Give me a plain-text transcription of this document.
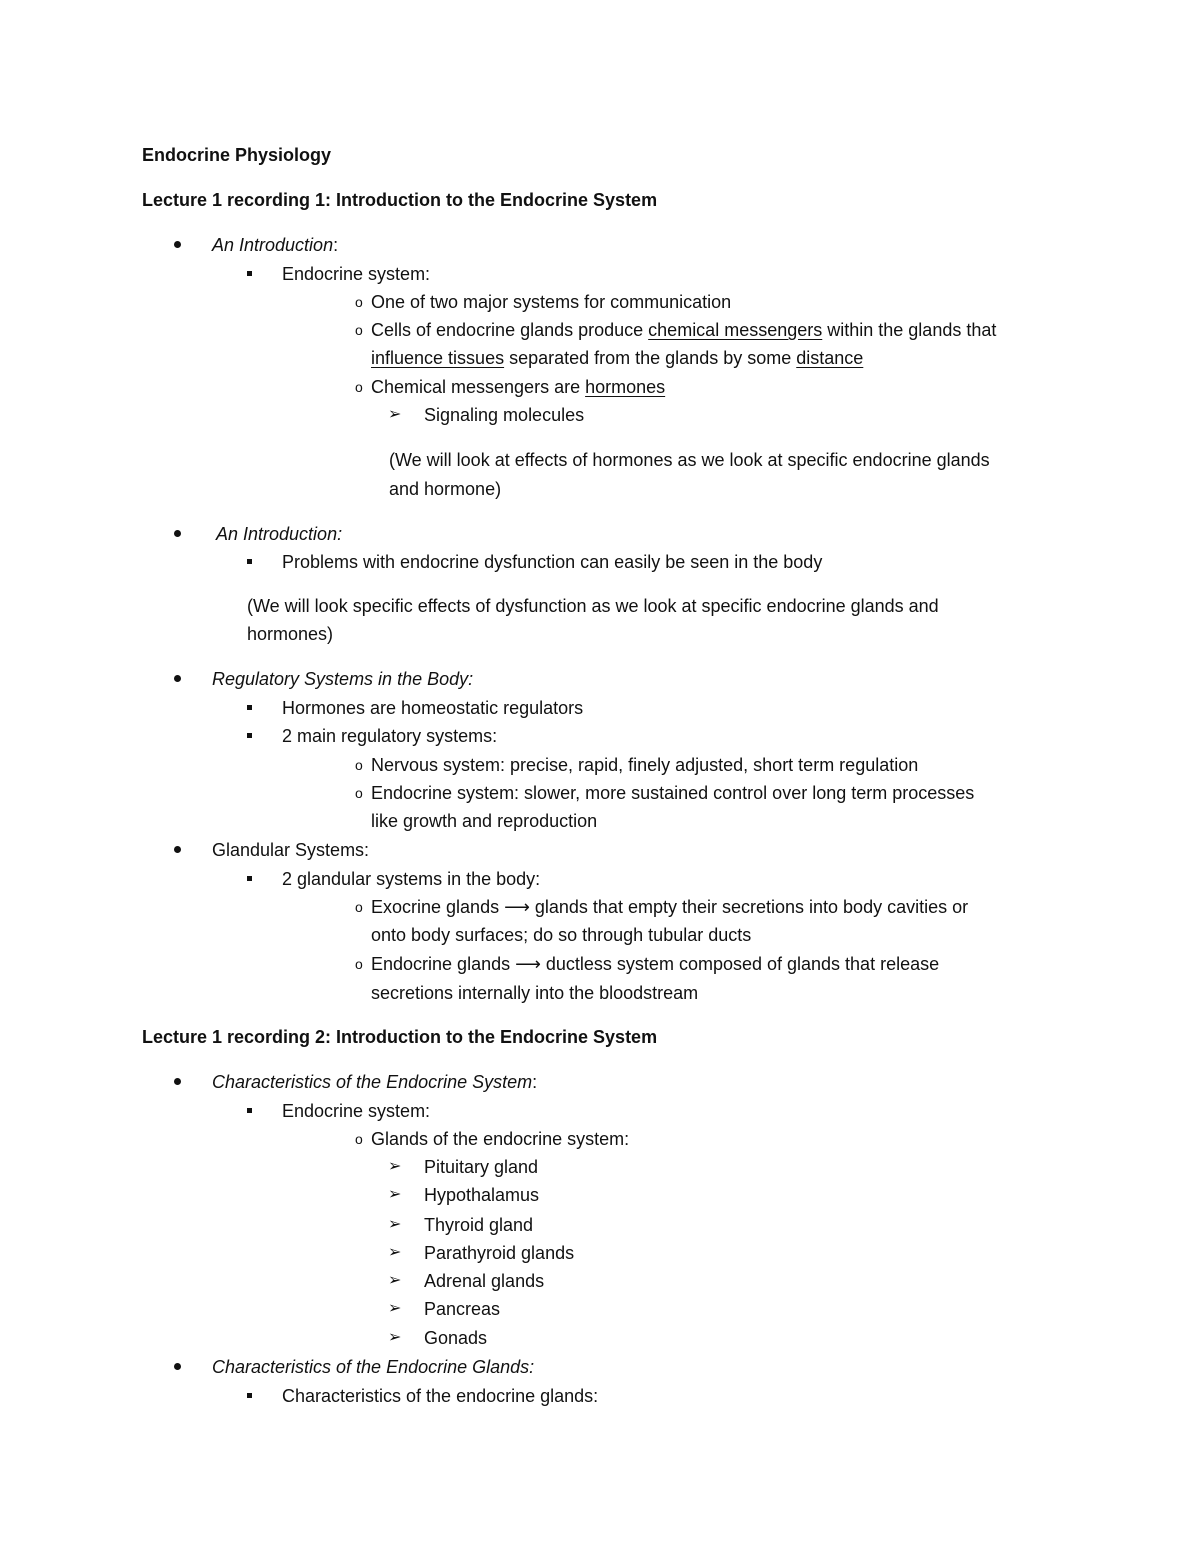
Endocrine Physiology
Lecture 1 recording 1: Introduction to the Endocrine System
An Introduction:
Endocrine system:
o One of two major systems for communication
o Cells of endocrine glands produce chemical messengers within the glands that
influence tissues separated from the glands by some distance
o Chemical messengers are hormones
➢ Signaling molecules
(We will look at effects of hormones as we look at specific endocrine glands
and hormone)
An Introduction:
Problems with endocrine dysfunction can easily be seen in the body
(We will look specific effects of dysfunction as we look at specific endocrine glands and
hormones)
Regulatory Systems in the Body:
Hormones are homeostatic regulators
2 main regulatory systems:
o Nervous system: precise, rapid, finely adjusted, short term regulation
o Endocrine system: slower, more sustained control over long term processes
like growth and reproduction
Glandular Systems:
2 glandular systems in the body:
o Exocrine glands ⟶ glands that empty their secretions into body cavities or
onto body surfaces; do so through tubular ducts
o Endocrine glands ⟶ ductless system composed of glands that release
secretions internally into the bloodstream
Lecture 1 recording 2: Introduction to the Endocrine System
Characteristics of the Endocrine System:
Endocrine system:
o Glands of the endocrine system:
➢ Pituitary gland
➢ Hypothalamus
➢ Thyroid gland
➢ Parathyroid glands
➢ Adrenal glands
➢ Pancreas
➢ Gonads
Characteristics of the Endocrine Glands:
Characteristics of the endocrine glands:
